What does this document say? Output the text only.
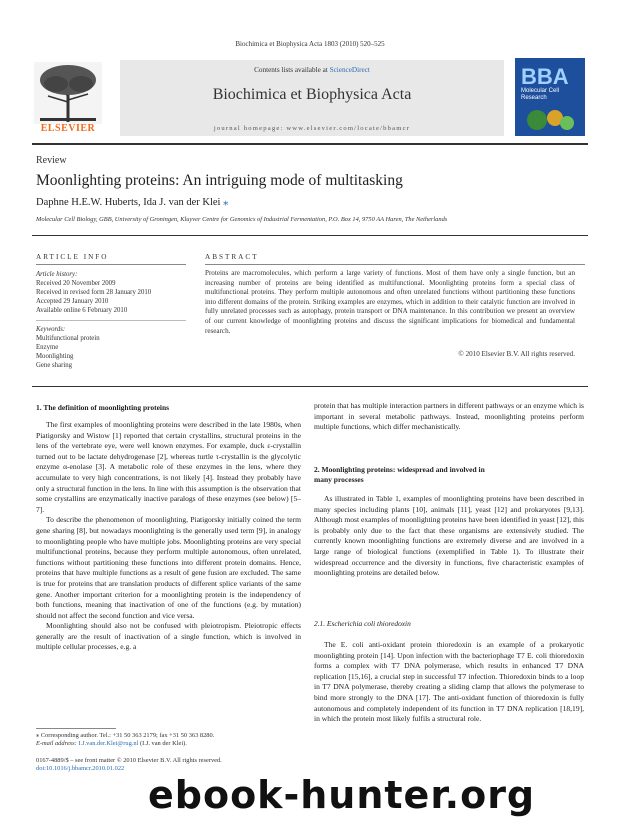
Biochimica et Biophysica Acta 1803 (2010) 520–525
ELSEVIER
Contents lists available at ScienceDirect
Biochimica et Biophysica Acta
journal homepage: www.elsevier.com/locate/bbamcr
BBA
Molecular Cell
Research
Review
Moonlighting proteins: An intriguing mode of multitasking
Daphne H.E.W. Huberts, Ida J. van der Klei ⁎
Molecular Cell Biology, GBB, University of Groningen, Kluyver Centre for Genomics of Industrial Fermentation, P.O. Box 14, 9750 AA Haren, The Netherlands
ARTICLE INFO
Article history:
Received 20 November 2009
Received in revised form 28 January 2010
Accepted 29 January 2010
Available online 6 February 2010
Keywords:
Multifunctional protein
Enzyme
Moonlighting
Gene sharing
ABSTRACT
Proteins are macromolecules, which perform a large variety of functions. Most of them have only a single function, but an increasing number of proteins are being identified as multifunctional. Moonlighting proteins form a special class of multifunctional proteins. They perform multiple autonomous and often unrelated functions without partitioning these functions into different domains of the protein. Striking examples are enzymes, which in addition to their catalytic function are involved in fully unrelated processes such as autophagy, protein transport or DNA maintenance. In this contribution we present an overview of our current knowledge of moonlighting proteins and discuss the significant implications for biomedical and fundamental research.
© 2010 Elsevier B.V. All rights reserved.
1. The definition of moonlighting proteins

The first examples of moonlighting proteins were described in the late 1980s, when Piatigorsky and Wistow [1] reported that certain crystallins, structural proteins in the lens of the vertebrate eye, were well known enzymes. For example, duck ε-crystallin turned out to be lactate dehydrogenase [2], whereas turtle τ-crystallin is the glycolytic enzyme α-enolase [3]. A metabolic role of these enzymes in the lens, where they accumulate to very high concentrations, is not likely [4]. Instead they probably have only a structural function in the lens. In line with this assumption is the observation that some crystallins are enzymatically inactive paralogs of these enzymes (see below) [5–7].

To describe the phenomenon of moonlighting, Piatigorsky initially coined the term gene sharing [8], but nowadays moonlighting is the generally used term [9], in analogy to moonlighting people who have multiple jobs. Moonlighting proteins are very special multifunctional proteins, because they perform multiple autonomous, often unrelated, functions without partitioning these functions into different protein domains. Hence, proteins that have multiple functions as a result of gene fusion are excluded. The same is true for proteins that are translation products of different splice variants of the same gene. Another important criterion for a moonlighting protein is the independency of both functions, meaning that inactivation of one of the functions (e.g. by mutation) should not affect the second function and vice versa.

Moonlighting should also not be confused with pleiotropism. Pleiotropic effects generally are the result of inactivation of a single function, which is involved in multiple cellular processes, e.g. a

⁎ Corresponding author. Tel.: +31 50 363 2179; fax +31 50 363 8280.
E-mail address: I.J.van.der.Klei@rug.nl (I.J. van der Klei).
0167-4889/$ – see front matter © 2010 Elsevier B.V. All rights reserved.
doi:10.1016/j.bbamcr.2010.01.022

protein that has multiple interaction partners in different pathways or an enzyme which is important in several metabolic pathways. Instead, moonlighting proteins perform multiple functions, which differ mechanistically.

2. Moonlighting proteins: widespread and involved in
many processes

As illustrated in Table 1, examples of moonlighting proteins have been described in many species including plants [10], animals [11], yeast [12] and prokaryotes [9,13]. Although most examples of moonlighting proteins have been identified in yeast [12], this is probably only due to the fact that these organisms are extensively studied. The currently known moonlighting functions are extremely diverse and are involved in a large range of biological functions (exemplified in Table 1). To illustrate their widespread occurrence and the diversity in functions, five characteristic examples of moonlighting proteins are detailed below.

2.1. Escherichia coli thioredoxin

The E. coli anti-oxidant protein thioredoxin is an example of a prokaryotic moonlighting protein [14]. Upon infection with the bacteriophage T7 E. coli thioredoxin forms a complex with T7 DNA polymerase, which results in enhanced T7 DNA replication [15,16], a crucial step in successful T7 infection. Thioredoxin binds to a loop in T7 DNA polymerase, thereby creating a sliding clamp that allows the polymerase to bind more strongly to the DNA [17]. The anti-oxidant function of thioredoxin is fully autonomous and completely independent of its function in T7 DNA replication [18,19], in which the protein most likely fulfils a structural role.

ebook-hunter.org
